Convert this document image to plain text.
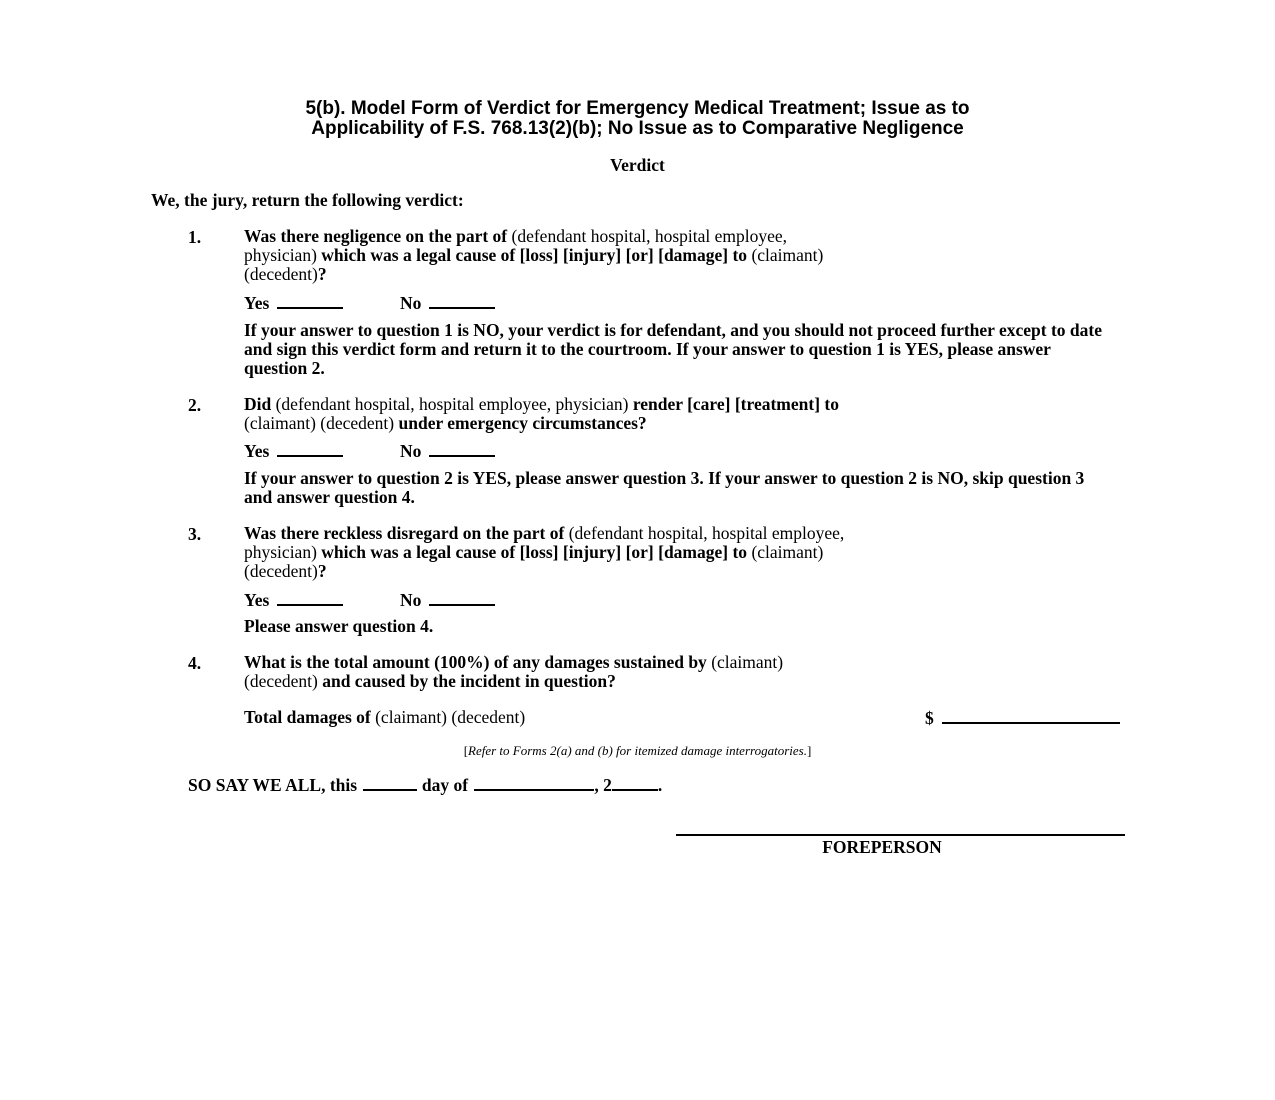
5(b). Model Form of Verdict for Emergency Medical Treatment; Issue as to
Applicability of F.S. 768.13(2)(b); No Issue as to Comparative Negligence
Verdict
We, the jury, return the following verdict:
1. Was there negligence on the part of (defendant hospital, hospital employee,
physician) which was a legal cause of [loss] [injury] [or] [damage] to (claimant)
(decedent)?
Yes	No
If your answer to question 1 is NO, your verdict is for defendant, and you should not proceed further except to date and sign this verdict form and return it to the courtroom. If your answer to question 1 is YES, please answer question 2.
2. Did (defendant hospital, hospital employee, physician) render [care] [treatment] to
(claimant) (decedent) under emergency circumstances?
Yes	No
If your answer to question 2 is YES, please answer question 3. If your answer to question 2 is NO, skip question 3 and answer question 4.
3. Was there reckless disregard on the part of (defendant hospital, hospital employee,
physician) which was a legal cause of [loss] [injury] [or] [damage] to (claimant)
(decedent)?
Yes	No
Please answer question 4.
4. What is the total amount (100%) of any damages sustained by (claimant)
(decedent) and caused by the incident in question?
Total damages of (claimant) (decedent)	$
[Refer to Forms 2(a) and (b) for itemized damage interrogatories.]
SO SAY WE ALL, this	day of	, 2	.
FOREPERSON
